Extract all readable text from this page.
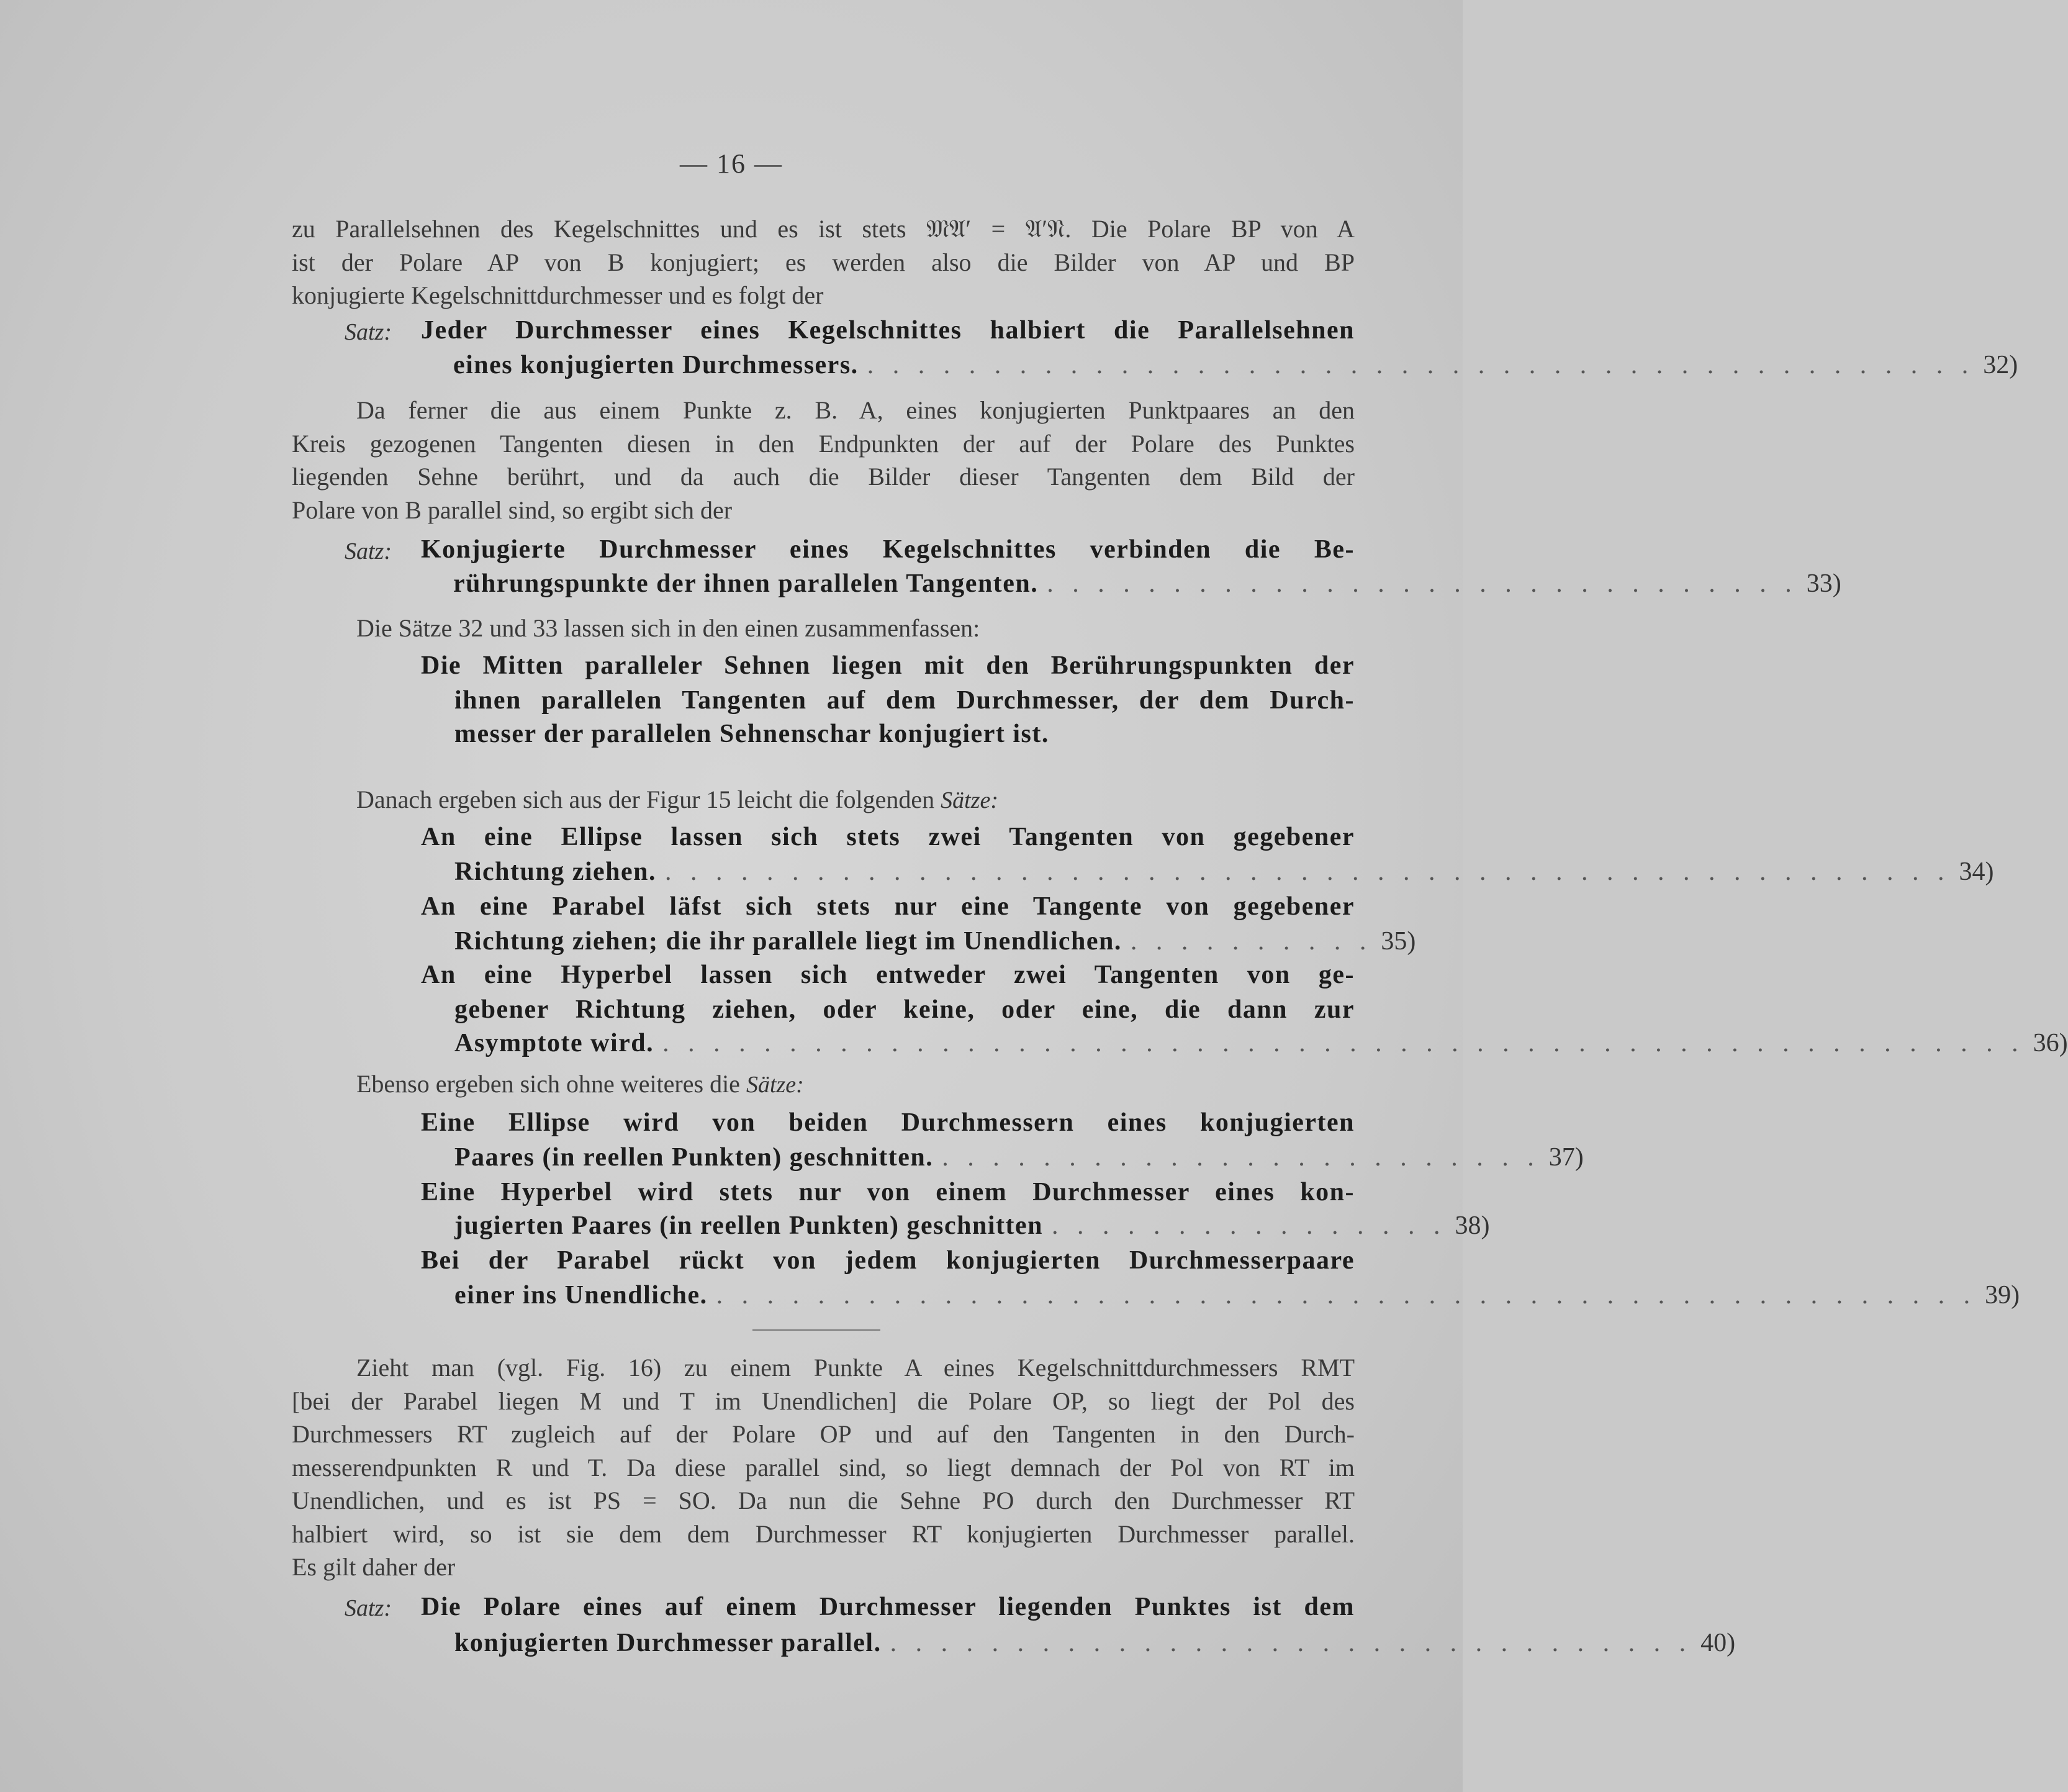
— 16 —

zu Parallelsehnen des Kegelschnittes und es ist stets 𝔐𝔄′ = 𝔄′𝔑. Die Polare BP von A

ist der Polare AP von B konjugiert; es werden also die Bilder von AP und BP

konjugierte Kegelschnittdurchmesser und es folgt der

Satz: Jeder Durchmesser eines Kegelschnittes halbiert die Parallelsehnen
eines konjugierten Durchmessers. . . . . . . . . . . . . . . . . . . . . . . . . . . . . . . . . . . . . . . . . . . . . 32)

Da ferner die aus einem Punkte z. B. A, eines konjugierten Punktpaares an den

Kreis gezogenen Tangenten diesen in den Endpunkten der auf der Polare des Punktes

liegenden Sehne berührt, und da auch die Bilder dieser Tangenten dem Bild der

Polare von B parallel sind, so ergibt sich der

Satz: Konjugierte Durchmesser eines Kegelschnittes verbinden die Be-
rührungspunkte der ihnen parallelen Tangenten. . . . . . . . . . . . . . . . . . . . . . . . . . . . . . . 33)
Die Sätze 32 und 33 lassen sich in den einen zusammenfassen:
Die Mitten paralleler Sehnen liegen mit den Berührungspunkten der
ihnen parallelen Tangenten auf dem Durchmesser, der dem Durch-
messer der parallelen Sehnenschar konjugiert ist.
Danach ergeben sich aus der Figur 15 leicht die folgenden Sätze:
An eine Ellipse lassen sich stets zwei Tangenten von gegebener
Richtung ziehen. . . . . . . . . . . . . . . . . . . . . . . . . . . . . . . . . . . . . . . . . . . . . . . . . . . . 34)
An eine Parabel läfst sich stets nur eine Tangente von gegebener
Richtung ziehen; die ihr parallele liegt im Unendlichen. . . . . . . . . . . 35)
An eine Hyperbel lassen sich entweder zwei Tangenten von ge-
gebener Richtung ziehen, oder keine, oder eine, die dann zur
Asymptote wird. . . . . . . . . . . . . . . . . . . . . . . . . . . . . . . . . . . . . . . . . . . . . . . . . . . . . . . 36)
Ebenso ergeben sich ohne weiteres die Sätze:
Eine Ellipse wird von beiden Durchmessern eines konjugierten
Paares (in reellen Punkten) geschnitten. . . . . . . . . . . . . . . . . . . . . . . . . 37)
Eine Hyperbel wird stets nur von einem Durchmesser eines kon-
jugierten Paares (in reellen Punkten) geschnitten . . . . . . . . . . . . . . . . 38)
Bei der Parabel rückt von jedem konjugierten Durchmesserpaare
einer ins Unendliche. . . . . . . . . . . . . . . . . . . . . . . . . . . . . . . . . . . . . . . . . . . . . . . . . . . 39)

Zieht man (vgl. Fig. 16) zu einem Punkte A eines Kegelschnittdurchmessers RMT

[bei der Parabel liegen M und T im Unendlichen] die Polare OP, so liegt der Pol des

Durchmessers RT zugleich auf der Polare OP und auf den Tangenten in den Durch-

messerendpunkten R und T. Da diese parallel sind, so liegt demnach der Pol von RT im

Unendlichen, und es ist PS = SO. Da nun die Sehne PO durch den Durchmesser RT

halbiert wird, so ist sie dem dem Durchmesser RT konjugierten Durchmesser parallel.

Es gilt daher der

Satz: Die Polare eines auf einem Durchmesser liegenden Punktes ist dem
konjugierten Durchmesser parallel. . . . . . . . . . . . . . . . . . . . . . . . . . . . . . . . . 40)
